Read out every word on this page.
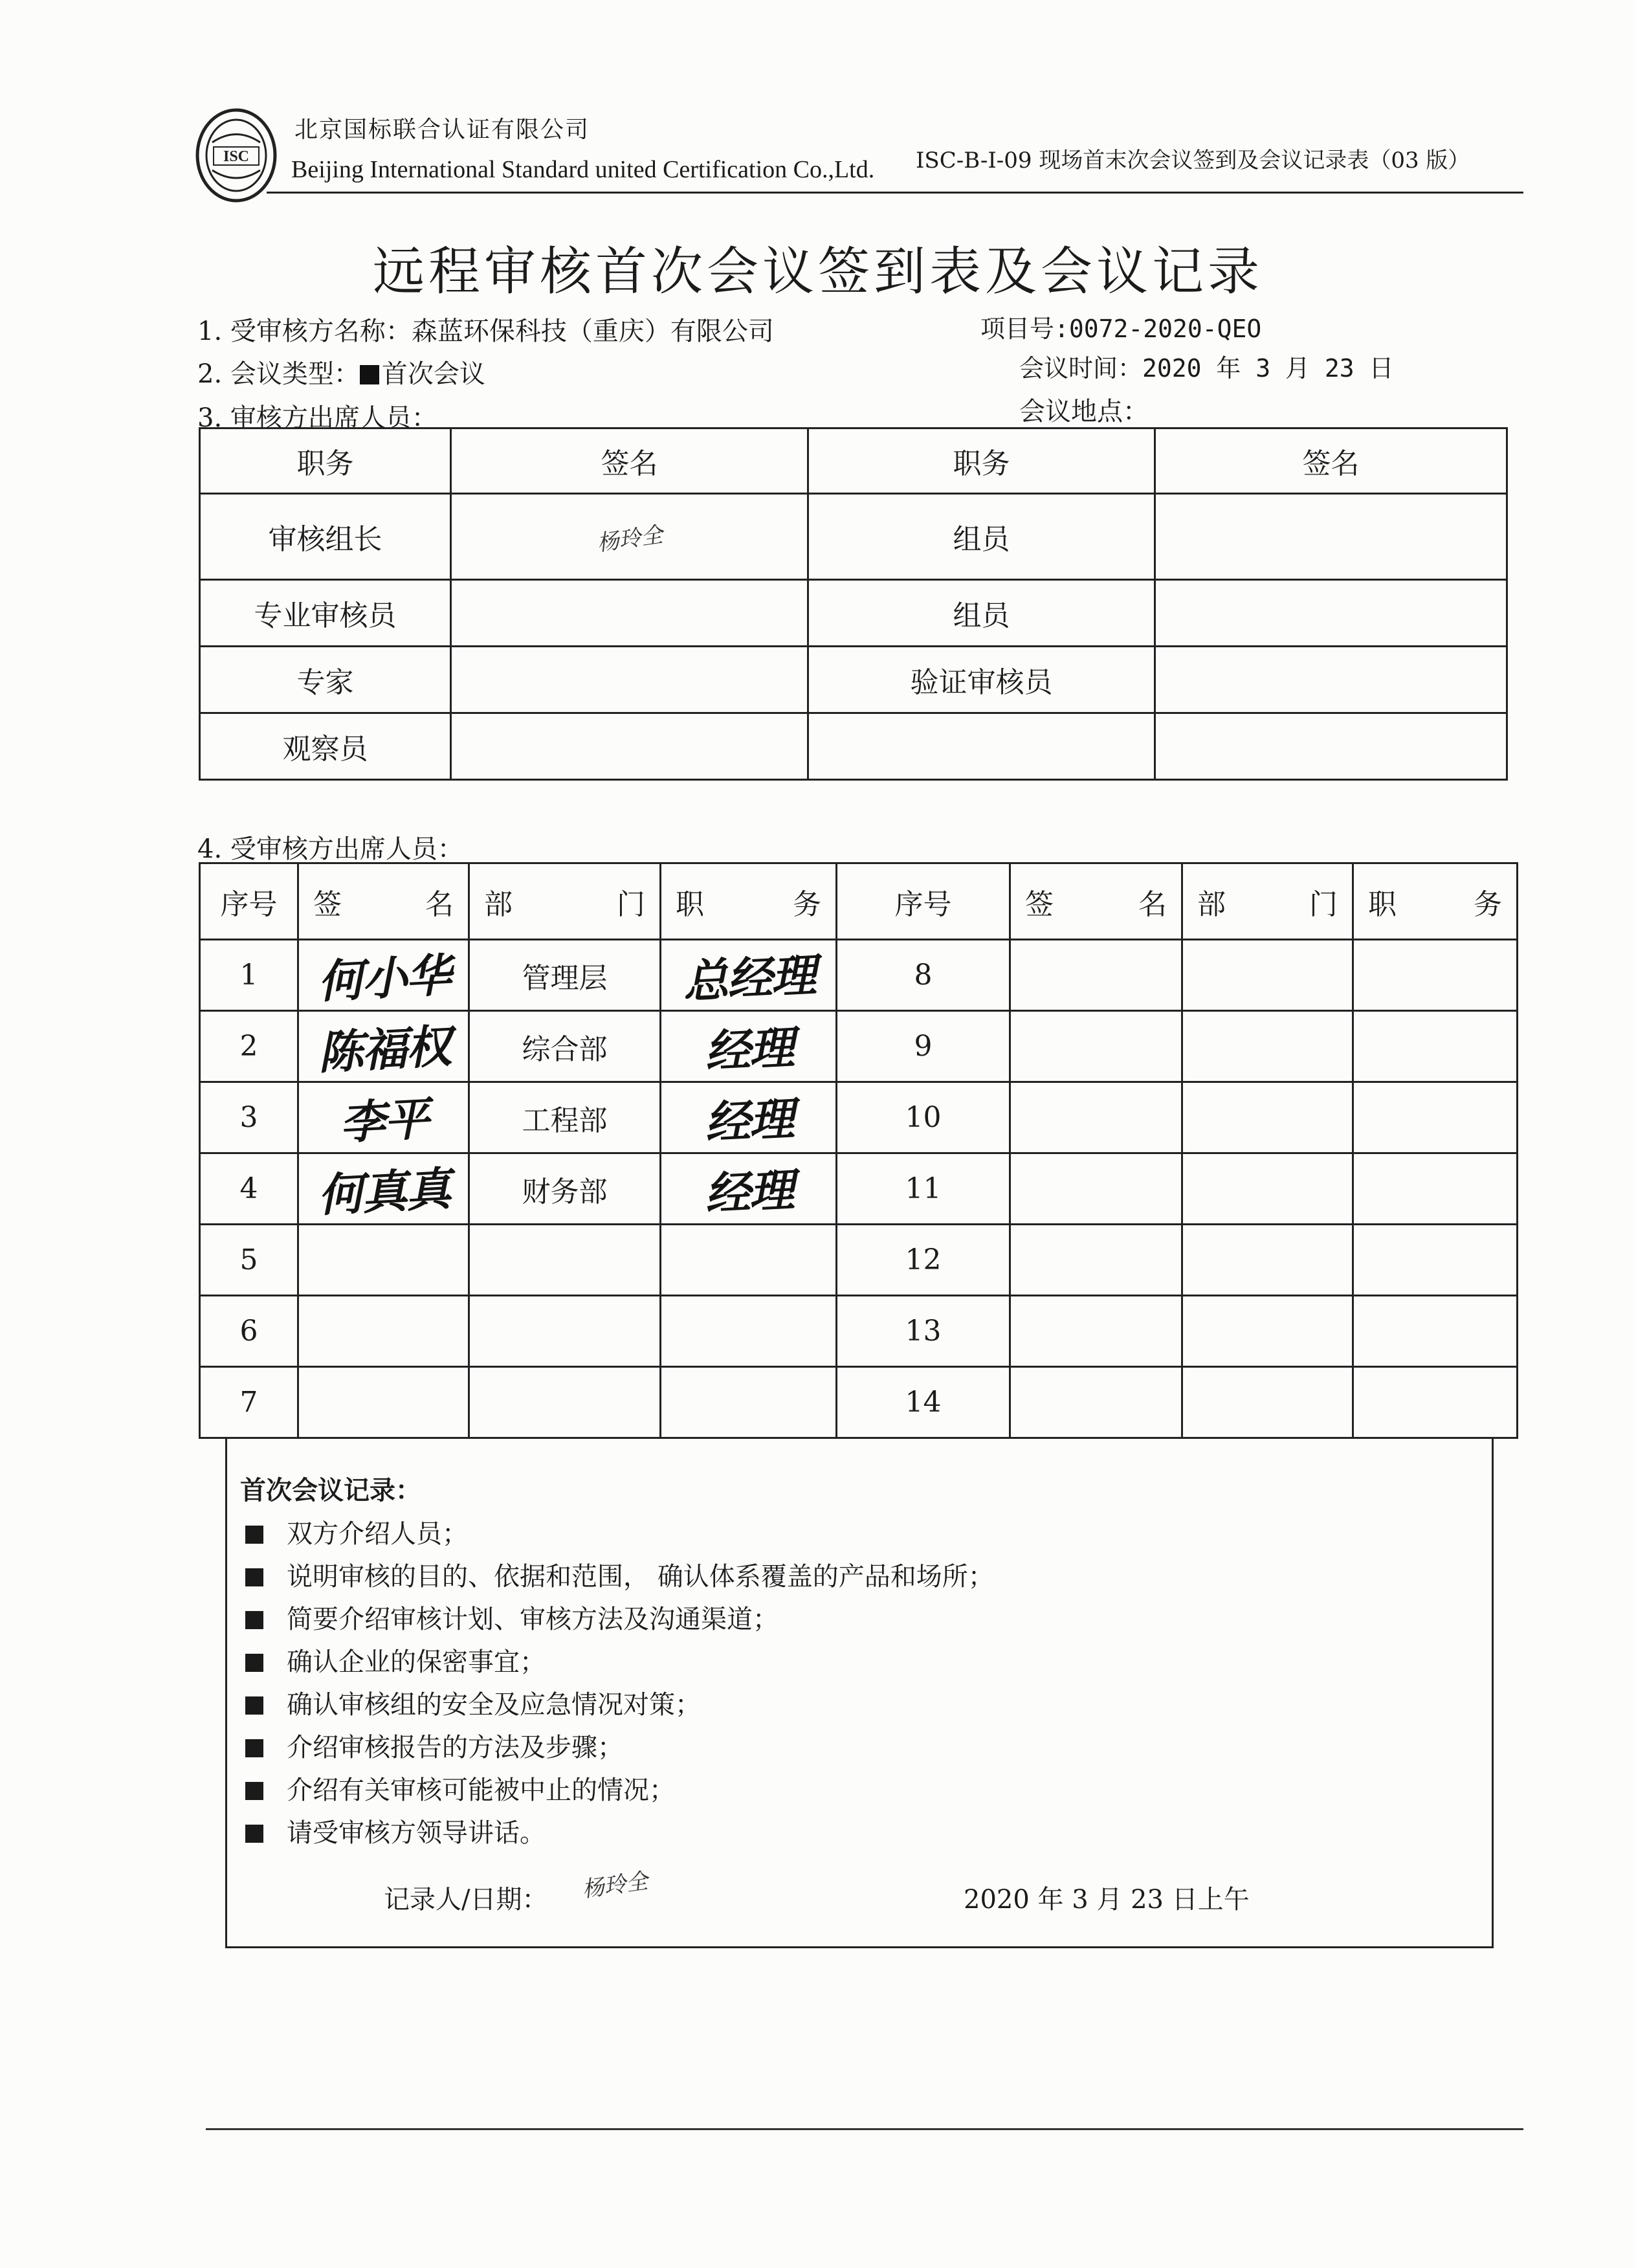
ISC
北京国标联合认证有限公司
Beijing International Standard united Certification Co.,Ltd. ISC-B-I-09 现场首末次会议签到及会议记录表（03 版）
远程审核首次会议签到表及会议记录
1. 受审核方名称：森蓝环保科技（重庆）有限公司	项目号:0072-2020-QEO
2. 会议类型： 首次会议	会议时间：2020 年 3 月 23 日
3. 审核方出席人员：	会议地点：
职务	签名	职务	签名
审核组长	杨玲全	组员	
专业审核员		组员	
专家		验证审核员	
观察员			
4. 受审核方出席人员：
序号	签名	部门	职务	序号	签名	部门	职务
1	何小华	管理层	总经理	8			
2	陈福权	综合部	经理	9			
3	李平	工程部	经理	10			
4	何真真	财务部	经理	11			
5				12			
6				13			
7				14			
首次会议记录：
双方介绍人员；
说明审核的目的、依据和范围， 确认体系覆盖的产品和场所；
简要介绍审核计划、审核方法及沟通渠道；
确认企业的保密事宜；
确认审核组的安全及应急情况对策；
介绍审核报告的方法及步骤；
介绍有关审核可能被中止的情况；
请受审核方领导讲话。
记录人/日期： 杨玲全	2020 年 3 月 23 日上午
